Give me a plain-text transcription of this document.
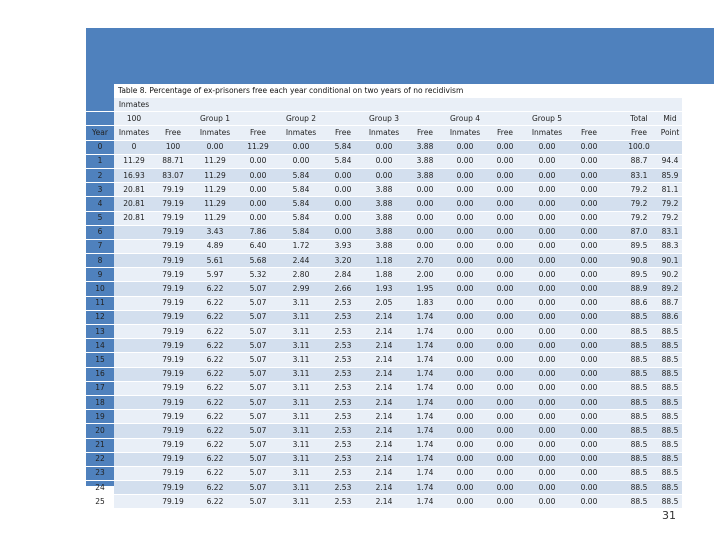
Table 8. Percentage of ex-prisoners free each year conditional on two years of no recidivism
	Inmates														
	100		Group 1		Group 2		Group 3		Group 4		Group 5			Total	Mid
Year	Inmates	Free	Inmates	Free	Inmates	Free	Inmates	Free	Inmates	Free	Inmates	Free		Free	Point
0	0	100	0.00	11.29	0.00	5.84	0.00	3.88	0.00	0.00	0.00	0.00		100.0	
1	11.29	88.71	11.29	0.00	0.00	5.84	0.00	3.88	0.00	0.00	0.00	0.00		88.7	94.4
2	16.93	83.07	11.29	0.00	5.84	0.00	0.00	3.88	0.00	0.00	0.00	0.00		83.1	85.9
3	20.81	79.19	11.29	0.00	5.84	0.00	3.88	0.00	0.00	0.00	0.00	0.00		79.2	81.1
4	20.81	79.19	11.29	0.00	5.84	0.00	3.88	0.00	0.00	0.00	0.00	0.00		79.2	79.2
5	20.81	79.19	11.29	0.00	5.84	0.00	3.88	0.00	0.00	0.00	0.00	0.00		79.2	79.2
6		79.19	3.43	7.86	5.84	0.00	3.88	0.00	0.00	0.00	0.00	0.00		87.0	83.1
7		79.19	4.89	6.40	1.72	3.93	3.88	0.00	0.00	0.00	0.00	0.00		89.5	88.3
8		79.19	5.61	5.68	2.44	3.20	1.18	2.70	0.00	0.00	0.00	0.00		90.8	90.1
9		79.19	5.97	5.32	2.80	2.84	1.88	2.00	0.00	0.00	0.00	0.00		89.5	90.2
10		79.19	6.22	5.07	2.99	2.66	1.93	1.95	0.00	0.00	0.00	0.00		88.9	89.2
11		79.19	6.22	5.07	3.11	2.53	2.05	1.83	0.00	0.00	0.00	0.00		88.6	88.7
12		79.19	6.22	5.07	3.11	2.53	2.14	1.74	0.00	0.00	0.00	0.00		88.5	88.6
13		79.19	6.22	5.07	3.11	2.53	2.14	1.74	0.00	0.00	0.00	0.00		88.5	88.5
14		79.19	6.22	5.07	3.11	2.53	2.14	1.74	0.00	0.00	0.00	0.00		88.5	88.5
15		79.19	6.22	5.07	3.11	2.53	2.14	1.74	0.00	0.00	0.00	0.00		88.5	88.5
16		79.19	6.22	5.07	3.11	2.53	2.14	1.74	0.00	0.00	0.00	0.00		88.5	88.5
17		79.19	6.22	5.07	3.11	2.53	2.14	1.74	0.00	0.00	0.00	0.00		88.5	88.5
18		79.19	6.22	5.07	3.11	2.53	2.14	1.74	0.00	0.00	0.00	0.00		88.5	88.5
19		79.19	6.22	5.07	3.11	2.53	2.14	1.74	0.00	0.00	0.00	0.00		88.5	88.5
20		79.19	6.22	5.07	3.11	2.53	2.14	1.74	0.00	0.00	0.00	0.00		88.5	88.5
21		79.19	6.22	5.07	3.11	2.53	2.14	1.74	0.00	0.00	0.00	0.00		88.5	88.5
22		79.19	6.22	5.07	3.11	2.53	2.14	1.74	0.00	0.00	0.00	0.00		88.5	88.5
23		79.19	6.22	5.07	3.11	2.53	2.14	1.74	0.00	0.00	0.00	0.00		88.5	88.5
24		79.19	6.22	5.07	3.11	2.53	2.14	1.74	0.00	0.00	0.00	0.00		88.5	88.5
25		79.19	6.22	5.07	3.11	2.53	2.14	1.74	0.00	0.00	0.00	0.00		88.5	88.5
31
